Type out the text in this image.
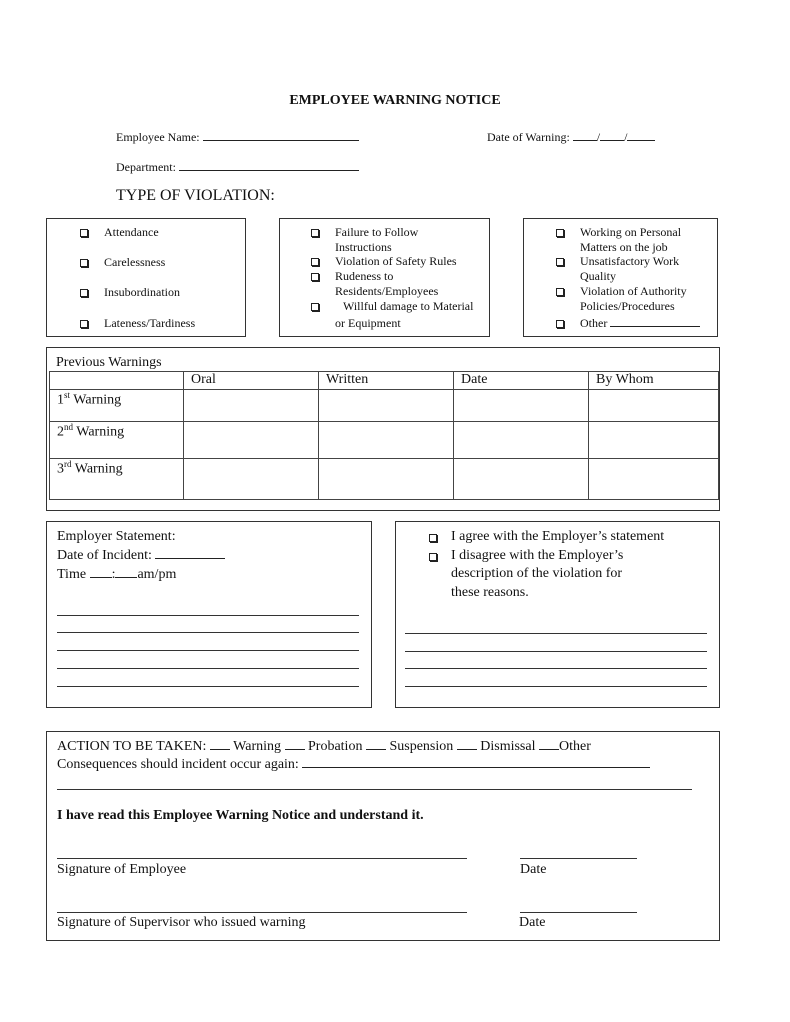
EMPLOYEE WARNING NOTICE
Employee Name:	Date of Warning: / /
Department:
TYPE OF VIOLATION:
Attendance
Carelessness
Insubordination
Lateness/Tardiness
Failure to Follow Instructions
Violation of Safety Rules
Rudeness to Residents/Employees
Willful damage to Material or Equipment
Working on Personal Matters on the job
Unsatisfactory Work Quality
Violation of Authority Policies/Procedures
Other
Previous Warnings
	Oral	Written	Date	By Whom
1st Warning				
2nd Warning				
3rd Warning				
Employer Statement:
Date of Incident:
Time : am/pm
I agree with the Employer’s statement
I disagree with the Employer’s
description of the violation for
these reasons.
ACTION TO BE TAKEN: Warning Probation Suspension Dismissal Other
Consequences should incident occur again:
I have read this Employee Warning Notice and understand it.
Signature of Employee	Date
Signature of Supervisor who issued warning	Date
